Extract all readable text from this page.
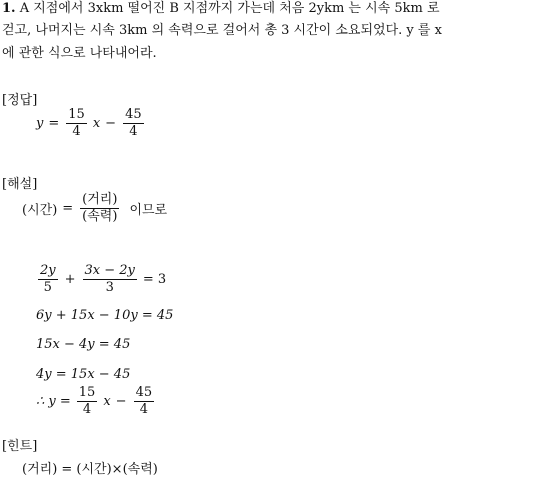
1. A 지점에서 3xkm 떨어진 B 지점까지 가는데 처음 2ykm 는 시속 5km 로
걷고, 나머지는 시속 3km 의 속력으로 걸어서 총 3 시간이 소요되었다. y 를 x
에 관한 식으로 나타내어라.
[정답]
$y = \frac{15}{4}$ $x - \frac{45}{4}$
[해설]
(시간) = $\frac{\text{(거리)}}{\text{(속력)}}$ 이므로
$\frac{2y}{5} + \frac{3x - 2y}{3} = 3$
6y + 15x − 10y = 45
15x − 4y = 45
4y = 15x − 45
∴ $y = \frac{15}{4}$ $x - \frac{45}{4}$
[힌트]
(거리) = (시간)×(속력)
